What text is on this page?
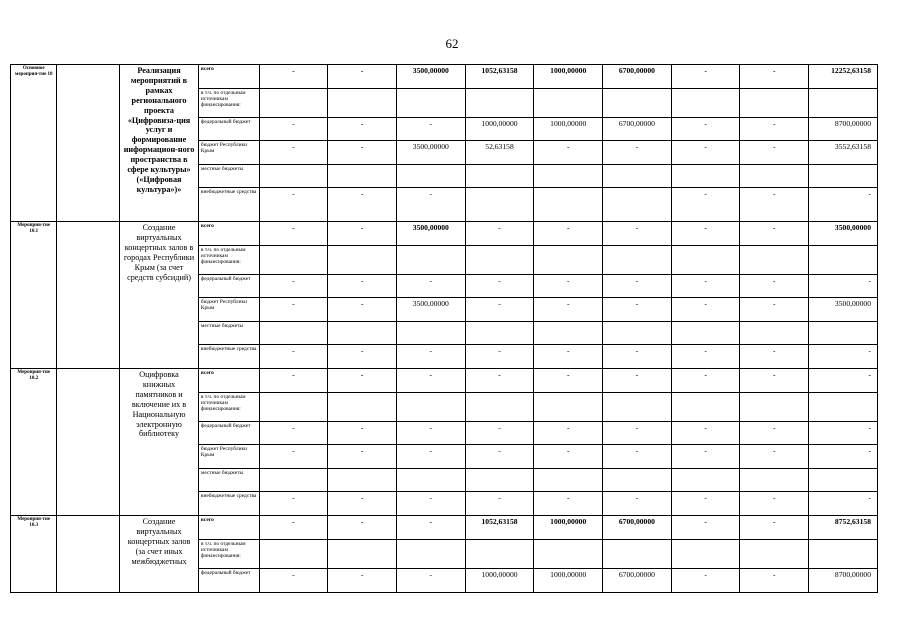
62
Основное мероприя-тие 10		Реализация мероприятий в рамках регионального проекта «Цифровиза-ция услуг и формирование информацион-ного пространства в сфере культуры» («Цифровая культура»)»	всего	-	-	3500,00000	1052,63158	1000,00000	6700,00000	-	-	12252,63158
			в т.ч. по отдельным источникам финансирования:									
			федеральный бюджет	-	-	-	1000,00000	1000,00000	6700,00000	-	-	8700,00000
			бюджет Республики Крым	-	-	3500,00000	52,63158	-	-	-	-	3552,63158
			местные бюджеты									
			внебюджетные средства	-	-	-				-	-	-
Мероприя-тие 10.1		Создание виртуальных концертных залов в городах Республики Крым (за счет средств субсидий)	всего	-	-	3500,00000	-	-	-	-	-	3500,00000
			в т.ч. по отдельным источникам финансирования:									
			федеральный бюджет	-	-	-	-	-	-	-	-	-
			бюджет Республики Крым	-	-	3500,00000	-	-	-	-	-	3500,00000
			местные бюджеты									
			внебюджетные средства	-	-	-	-	-	-	-	-	-
Мероприя-тие 10.2		Оцифровка книжных памятников и включение их в Национальную электронную библиотеку	всего	-	-	-	-	-	-	-	-	-
			в т.ч. по отдельным источникам финансирования:									
			федеральный бюджет	-	-	-	-	-	-	-	-	-
			бюджет Республики Крым	-	-	-	-	-	-	-	-	-
			местные бюджеты									
			внебюджетные средства	-	-	-	-	-	-	-	-	-
Мероприя-тие 10.3		Создание виртуальных концертных залов (за счет иных межбюджетных	всего	-	-	-	1052,63158	1000,00000	6700,00000	-	-	8752,63158
			в т.ч. по отдельным источникам финансирования:									
			федеральный бюджет	-	-	-	1000,00000	1000,00000	6700,00000	-	-	8700,00000
